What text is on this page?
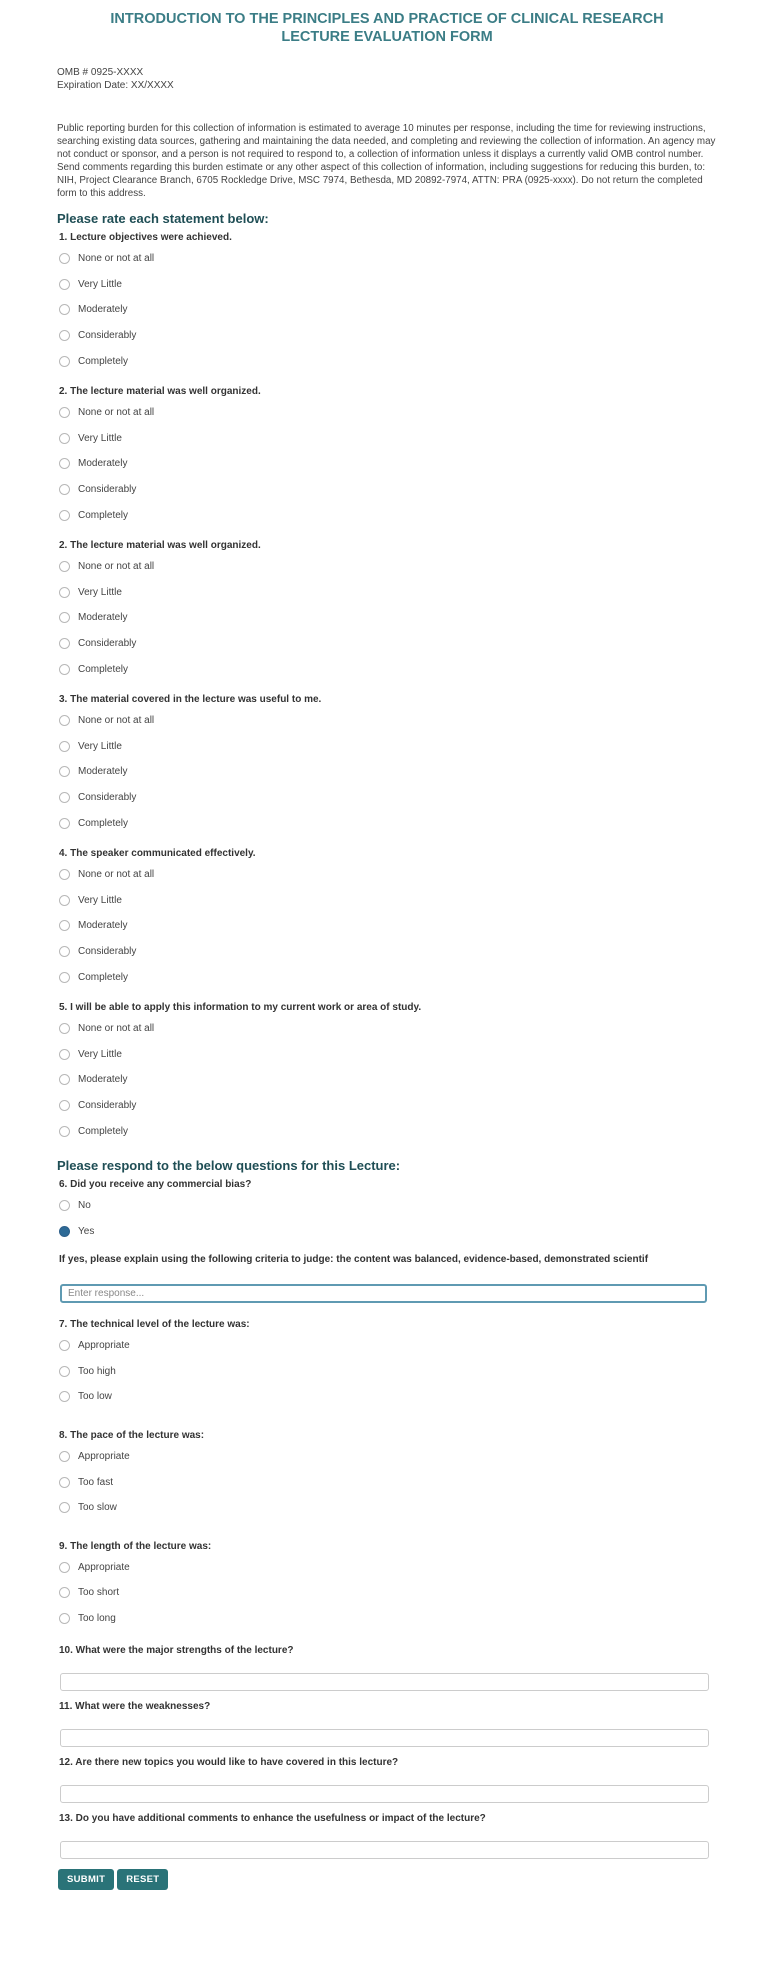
INTRODUCTION TO THE PRINCIPLES AND PRACTICE OF CLINICAL RESEARCH LECTURE EVALUATION FORM
OMB # 0925-XXXX
Expiration Date: XX/XXXX
Public reporting burden for this collection of information is estimated to average 10 minutes per response, including the time for reviewing instructions, searching existing data sources, gathering and maintaining the data needed, and completing and reviewing the collection of information. An agency may not conduct or sponsor, and a person is not required to respond to, a collection of information unless it displays a currently valid OMB control number. Send comments regarding this burden estimate or any other aspect of this collection of information, including suggestions for reducing this burden, to: NIH, Project Clearance Branch, 6705 Rockledge Drive, MSC 7974, Bethesda, MD 20892-7974, ATTN: PRA (0925-xxxx). Do not return the completed form to this address.
Please rate each statement below:
1. Lecture objectives were achieved.
None or not at all
Very Little
Moderately
Considerably
Completely
2. The lecture material was well organized.
None or not at all
Very Little
Moderately
Considerably
Completely
2. The lecture material was well organized.
None or not at all
Very Little
Moderately
Considerably
Completely
3. The material covered in the lecture was useful to me.
None or not at all
Very Little
Moderately
Considerably
Completely
4. The speaker communicated effectively.
None or not at all
Very Little
Moderately
Considerably
Completely
5. I will be able to apply this information to my current work or area of study.
None or not at all
Very Little
Moderately
Considerably
Completely
Please respond to the below questions for this Lecture:
6. Did you receive any commercial bias?
No
Yes
If yes, please explain using the following criteria to judge: the content was balanced, evidence-based, demonstrated scientif
Enter response...
7. The technical level of the lecture was:
Appropriate
Too high
Too low
8. The pace of the lecture was:
Appropriate
Too fast
Too slow
9. The length of the lecture was:
Appropriate
Too short
Too long
10. What were the major strengths of the lecture?
11. What were the weaknesses?
12. Are there new topics you would like to have covered in this lecture?
13. Do you have additional comments to enhance the usefulness or impact of the lecture?
SUBMIT	RESET
